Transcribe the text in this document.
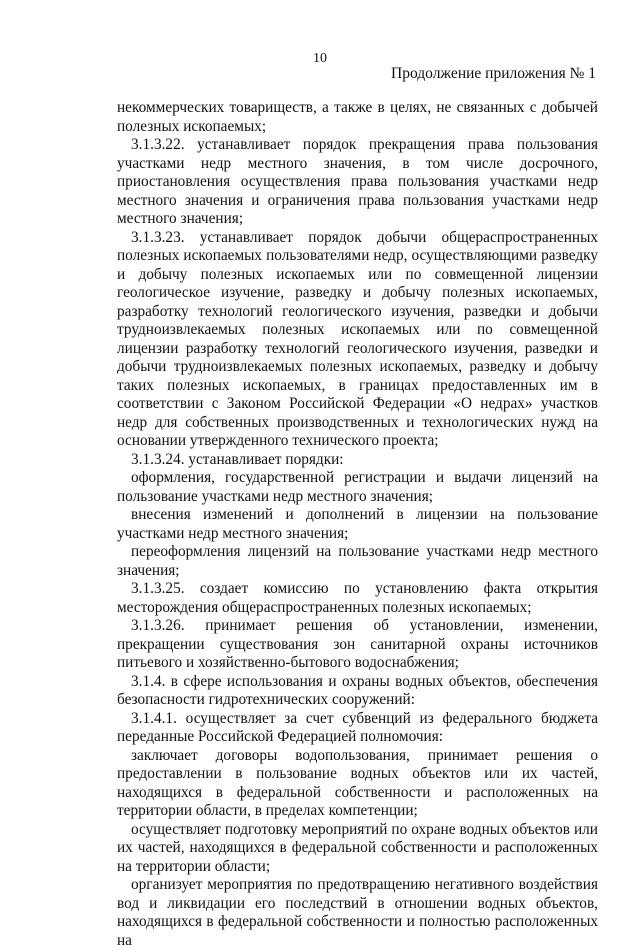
10
Продолжение приложения № 1

некоммерческих товариществ, а также в целях, не связанных с добычей полезных ископаемых;

3.1.3.22. устанавливает порядок прекращения права пользования участками недр местного значения, в том числе досрочного, приостановления осуществления права пользования участками недр местного значения и ограничения права пользования участками недр местного значения;

3.1.3.23. устанавливает порядок добычи общераспространенных полезных ископаемых пользователями недр, осуществляющими разведку и добычу полезных ископаемых или по совмещенной лицензии геологическое изучение, разведку и добычу полезных ископаемых, разработку технологий геологического изучения, разведки и добычи трудноизвлекаемых полезных ископаемых или по совмещенной лицензии разработку технологий геологического изучения, разведки и добычи трудноизвлекаемых полезных ископаемых, разведку и добычу таких полезных ископаемых, в границах предоставленных им в соответствии с Законом Российской Федерации «О недрах» участков недр для собственных производственных и технологических нужд на основании утвержденного технического проекта;

3.1.3.24. устанавливает порядки:

оформления, государственной регистрации и выдачи лицензий на пользование участками недр местного значения;

внесения изменений и дополнений в лицензии на пользование участками недр местного значения;

переоформления лицензий на пользование участками недр местного значения;

3.1.3.25. создает комиссию по установлению факта открытия месторождения общераспространенных полезных ископаемых;

3.1.3.26. принимает решения об установлении, изменении, прекращении существования зон санитарной охраны источников питьевого и хозяйственно-бытового водоснабжения;

3.1.4. в сфере использования и охраны водных объектов, обеспечения безопасности гидротехнических сооружений:

3.1.4.1. осуществляет за счет субвенций из федерального бюджета переданные Российской Федерацией полномочия:

заключает договоры водопользования, принимает решения о предоставлении в пользование водных объектов или их частей, находящихся в федеральной собственности и расположенных на территории области, в пределах компетенции;

осуществляет подготовку мероприятий по охране водных объектов или их частей, находящихся в федеральной собственности и расположенных на территории области;

организует мероприятия по предотвращению негативного воздействия вод и ликвидации его последствий в отношении водных объектов, находящихся в федеральной собственности и полностью расположенных на
